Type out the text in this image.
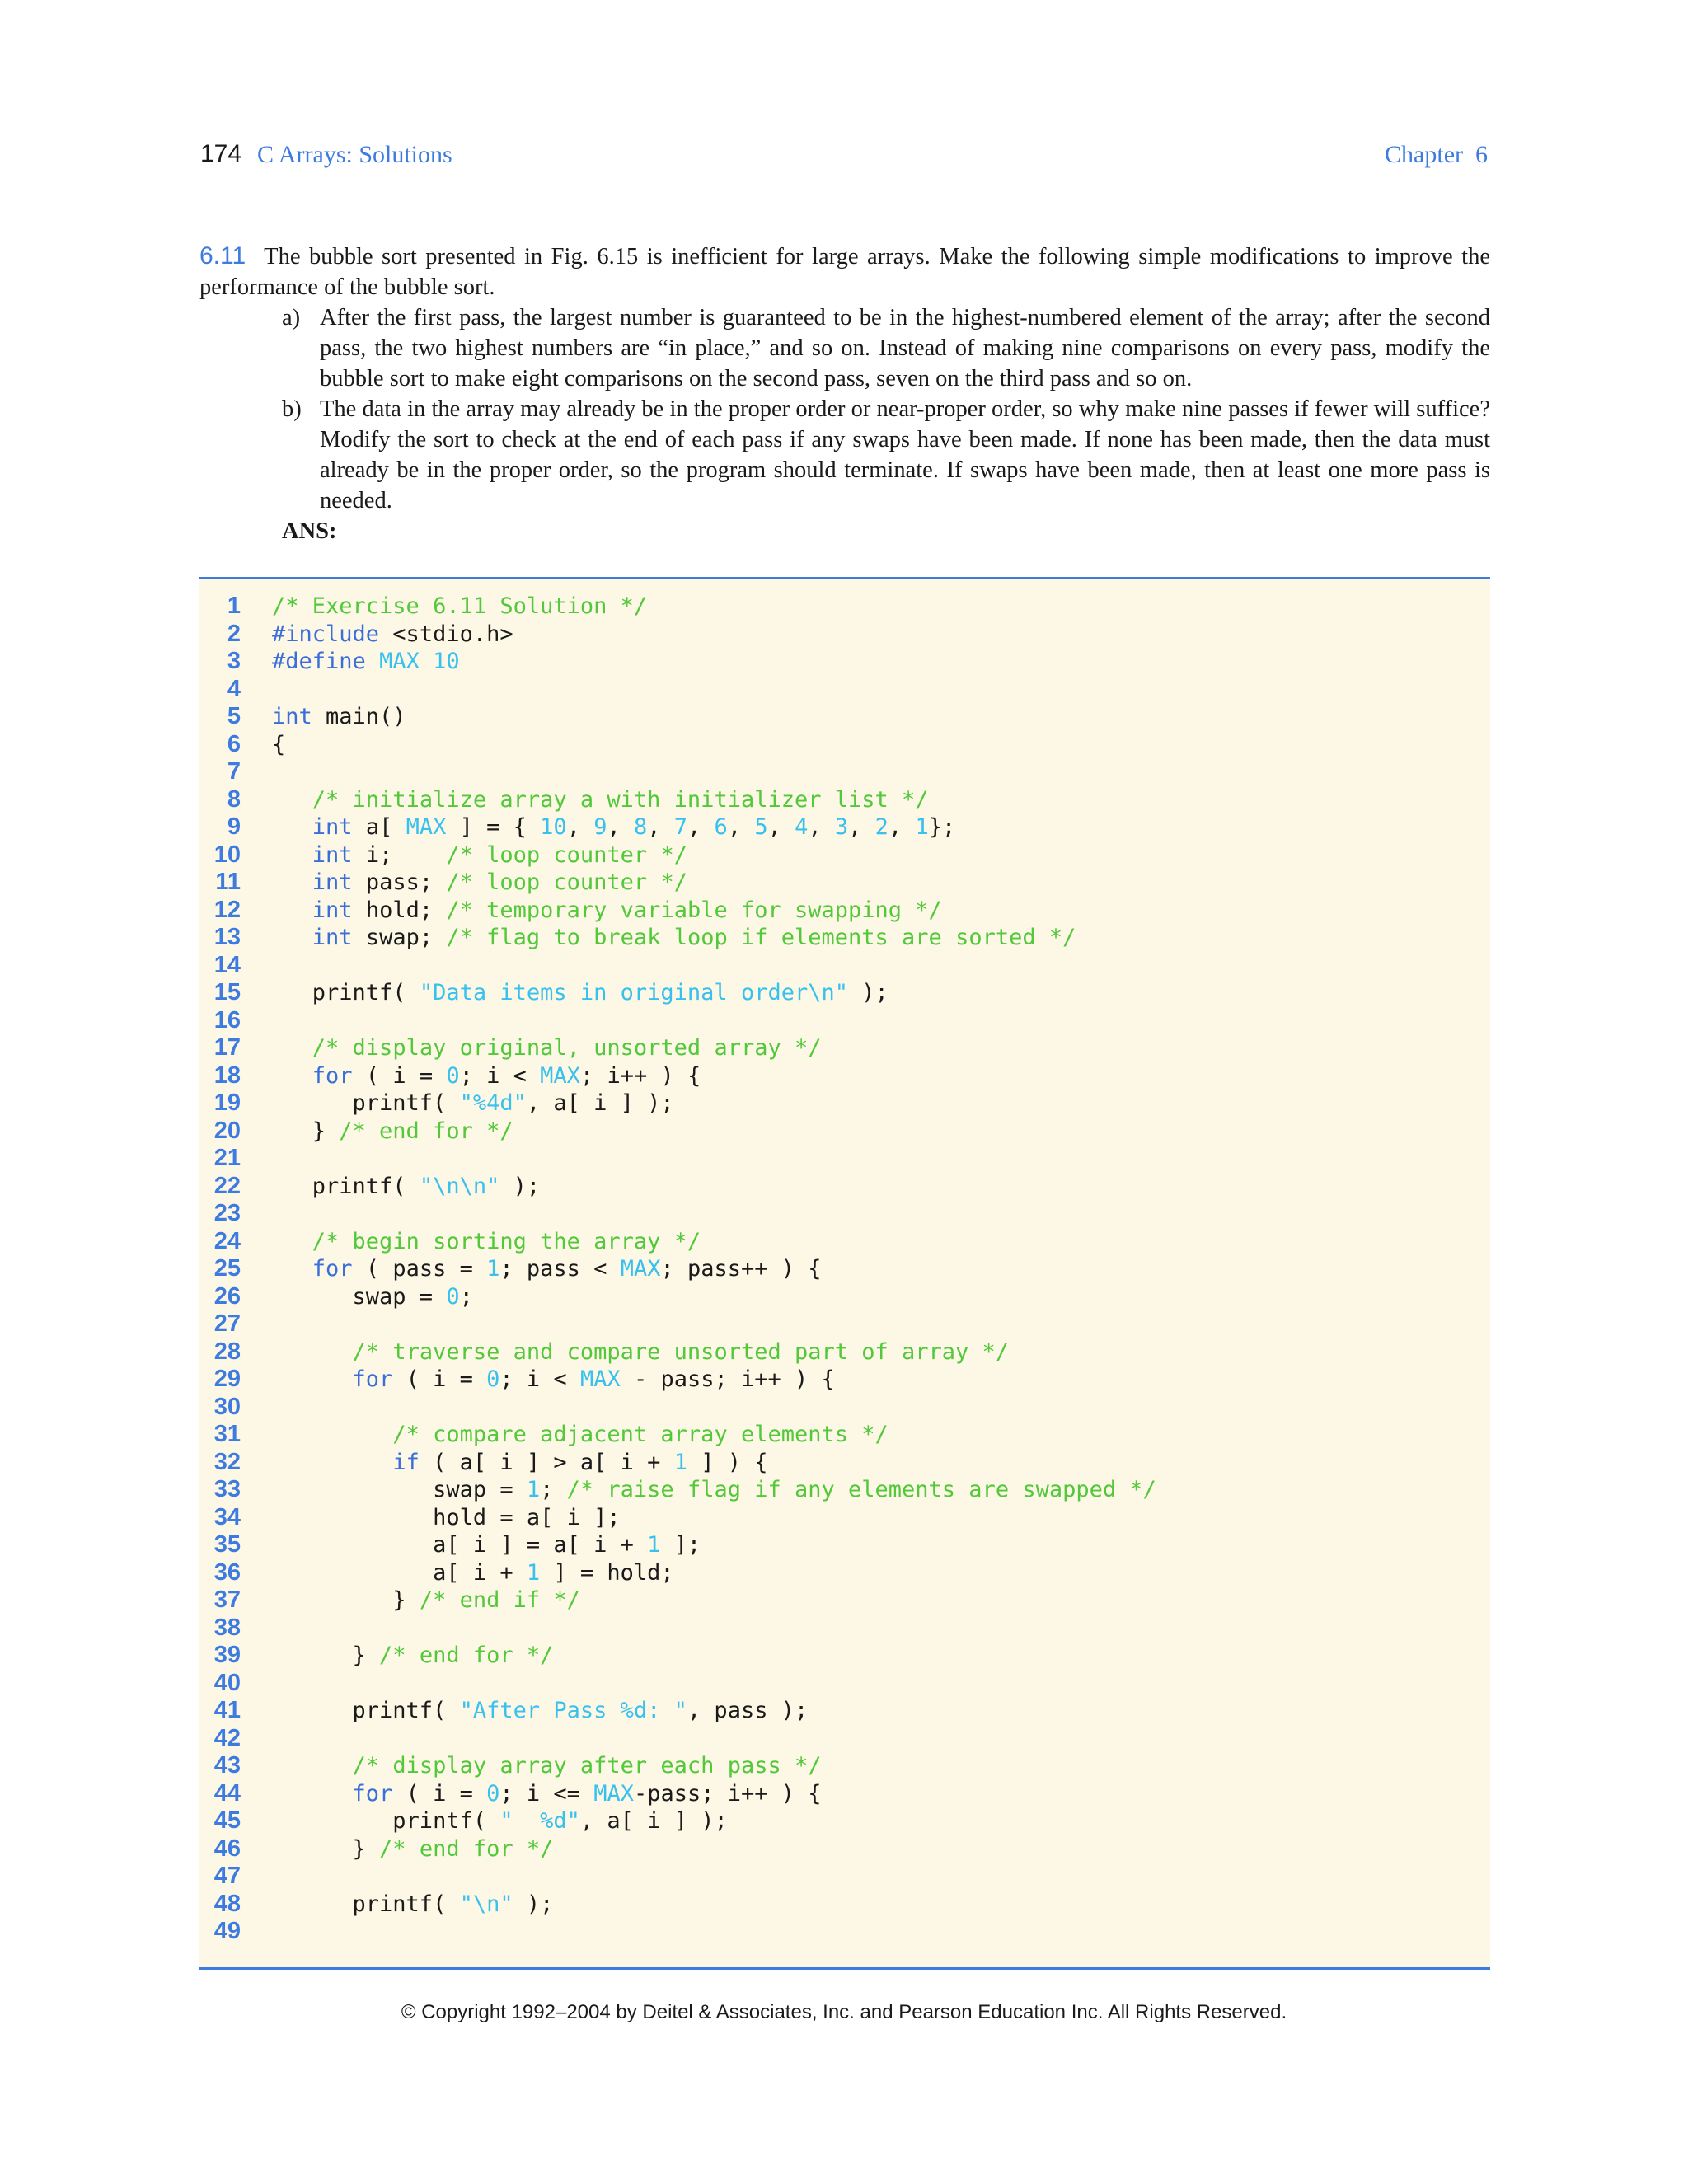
174 C Arrays: Solutions	Chapter  6
6.11 The bubble sort presented in Fig. 6.15 is inefficient for large arrays. Make the following simple modifications to improve the performance of the bubble sort.
a) After the first pass, the largest number is guaranteed to be in the highest-numbered element of the array; after the second pass, the two highest numbers are “in place,” and so on. Instead of making nine comparisons on every pass, modify the bubble sort to make eight comparisons on the second pass, seven on the third pass and so on.
b) The data in the array may already be in the proper order or near-proper order, so why make nine passes if fewer will suffice? Modify the sort to check at the end of each pass if any swaps have been made. If none has been made, then the data must already be in the proper order, so the program should terminate. If swaps have been made, then at least one more pass is needed.
ANS:
1 /* Exercise 6.11 Solution */
2 #include <stdio.h>
3 #define MAX 10
4
5 int main()
6 {
7
8	/* initialize array a with initializer list */
9	int a[ MAX ] = { 10, 9, 8, 7, 6, 5, 4, 3, 2, 1};
10	int i;    /* loop counter */
11	int pass; /* loop counter */
12	int hold; /* temporary variable for swapping */
13	int swap; /* flag to break loop if elements are sorted */
14
15 printf( "Data items in original order\n" );
16
17	/* display original, unsorted array */
18	for ( i = 0; i < MAX; i++ ) {
19 printf( "%4d", a[ i ] );
20 } /* end for */
21
22 printf( "\n\n" );
23
24	/* begin sorting the array */
25	for ( pass = 1; pass < MAX; pass++ ) {
26 swap = 0;
27
28	/* traverse and compare unsorted part of array */
29	for ( i = 0; i < MAX - pass; i++ ) {
30
31	/* compare adjacent array elements */
32	if ( a[ i ] > a[ i + 1 ] ) {
33 swap = 1; /* raise flag if any elements are swapped */
34 hold = a[ i ];
35 a[ i ] = a[ i + 1 ];
36 a[ i + 1 ] = hold;
37 } /* end if */
38
39 } /* end for */
40
41 printf( "After Pass %d: ", pass );
42
43	/* display array after each pass */
44	for ( i = 0; i <= MAX-pass; i++ ) {
45 printf( "  %d", a[ i ] );
46 } /* end for */
47
48 printf( "\n" );
49
© Copyright 1992–2004 by Deitel & Associates, Inc. and Pearson Education Inc. All Rights Reserved.
